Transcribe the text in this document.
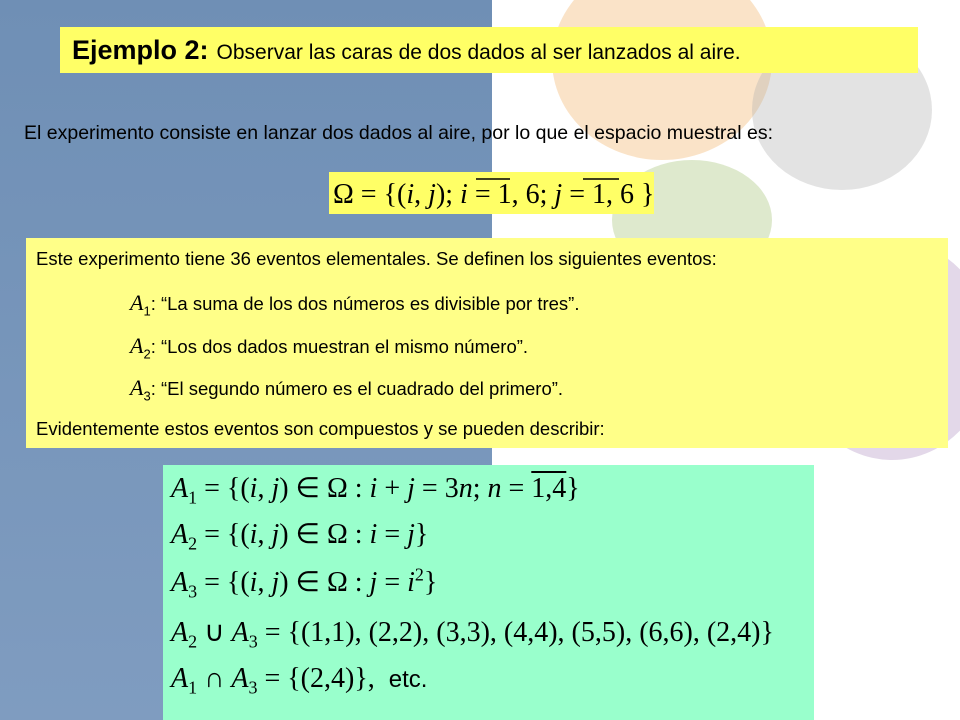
Ejemplo 2: Observar las caras de dos dados al ser lanzados al aire.
El experimento consiste en lanzar dos dados al aire, por lo que el espacio muestral es:
Ω = {(i, j); i = 1, 6; j = 1, 6 }
Este experimento tiene 36 eventos elementales. Se definen los siguientes eventos:
$A_1$: “La suma de los dos números es divisible por tres”.
$A_2$: “Los dos dados muestran el mismo número”.
$A_3$: “El segundo número es el cuadrado del primero”.
Evidentemente estos eventos son compuestos y se pueden describir:
$A_1 = \{(i$, j) ∈ Ω : i + j = 3n; n = 1,4}
$A_2 = \{(i$, j) ∈ Ω : i = j}
$A_3 = \{(i$, j) ∈ Ω : $j = i^2$}
$A_2$ ∪ $A_3 = \{(1,1)$, (2,2), (3,3), (4,4), (5,5), (6,6), (2,4)}
$A_1$ ∩ $A_3 = \{(2,4)\}$, etc.
